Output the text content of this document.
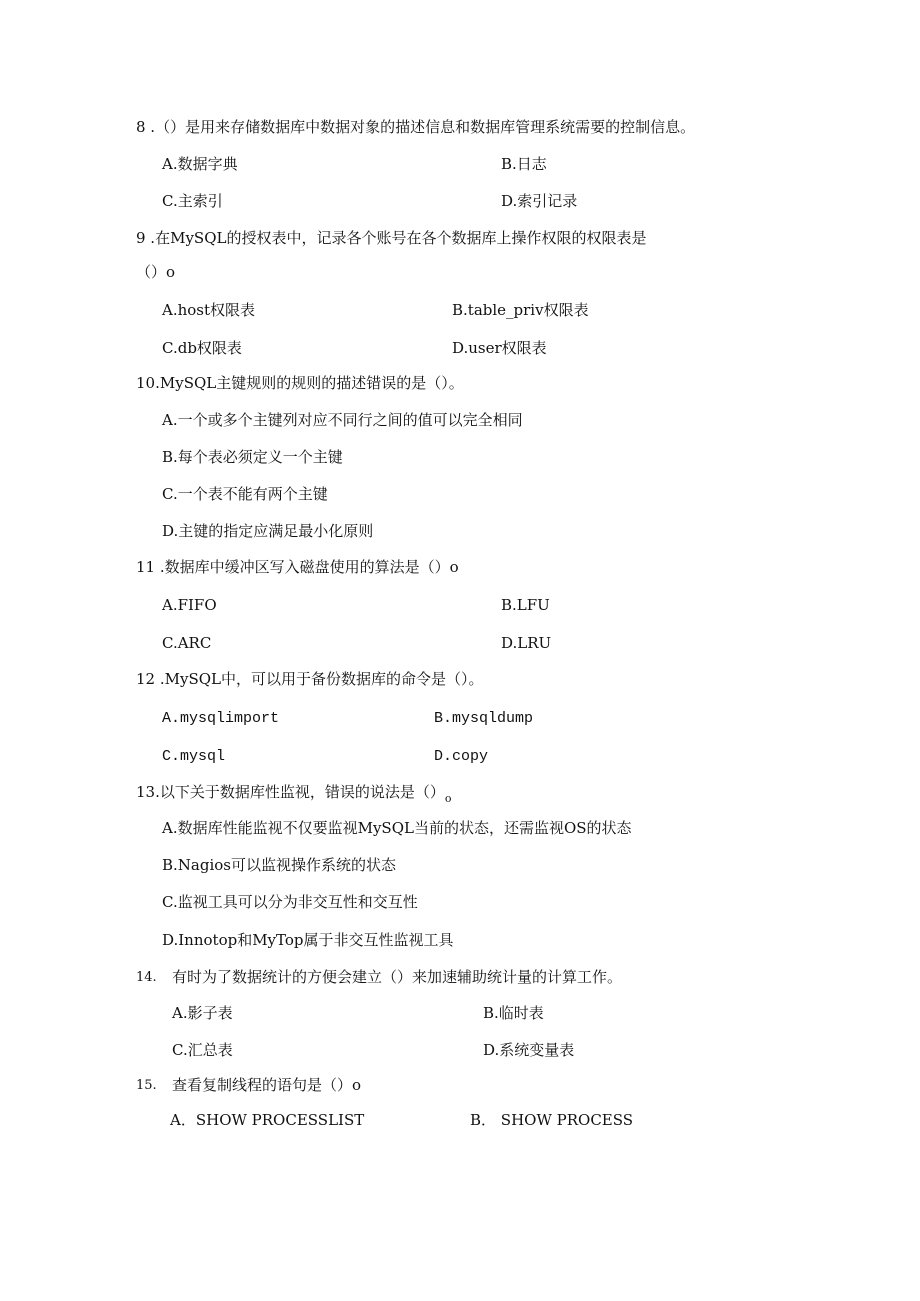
8 .（）是用来存储数据库中数据对象的描述信息和数据库管理系统需要的控制信息。
A.数据字典	B.日志
C.主索引	D.索引记录
9 .在MySQL的授权表中，记录各个账号在各个数据库上操作权限的权限表是
（）o
A.host权限表	B.table_priv权限表
C.db权限表	D.user权限表
10.MySQL主键规则的规则的描述错误的是（）。
A.一个或多个主键列对应不同行之间的值可以完全相同
B.每个表必须定义一个主键
C.一个表不能有两个主键
D.主键的指定应满足最小化原则
11 .数据库中缓冲区写入磁盘使用的算法是（）o
A.FIFO	B.LFU
C.ARC	D.LRU
12 .MySQL中，可以用于备份数据库的命令是（）。
A.mysqlimport	B.mysqldump
C.mysql	D.copy
13.以下关于数据库性监视，错误的说法是$()_o$
A.数据库性能监视不仅要监视MySQL当前的状态，还需监视OS的状态
B.Nagios可以监视操作系统的状态
C.监视工具可以分为非交互性和交互性
D.Innotop和MyTop属于非交互性监视工具
14. 有时为了数据统计的方便会建立（）来加速辅助统计量的计算工作。
A.影子表	B.临时表
C.汇总表	D.系统变量表
15. 查看复制线程的语句是（）o
A．SHOW PROCESSLIST	B． SHOW PROCESS
